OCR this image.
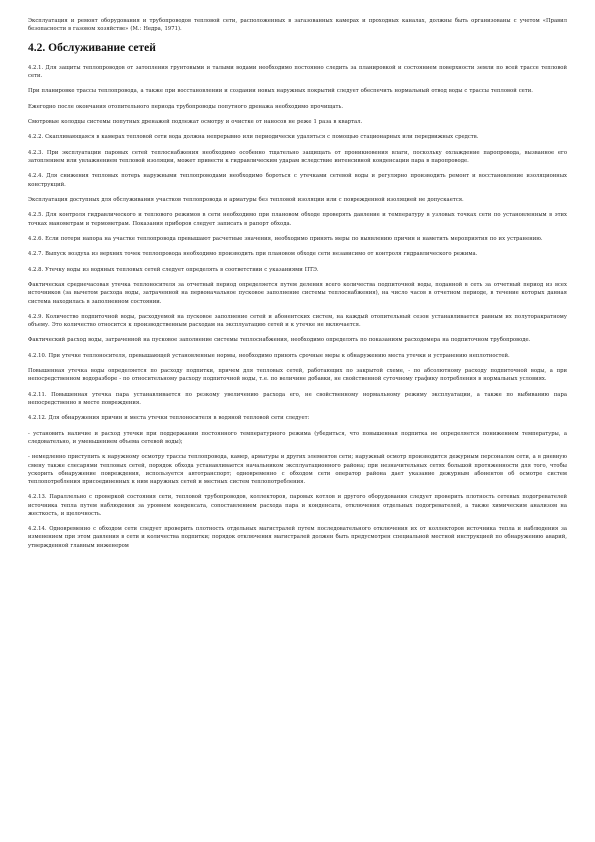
Эксплуатация и ремонт оборудования и трубопроводов тепловой сети, расположенных в загазованных камерах и проходных каналах, должны быть организованы с учетом «Правил безопасности в газовом хозяйстве» (М.: Недра, 1971).

4.2. Обслуживание сетей

4.2.1. Для защиты теплопроводов от затопления грунтовыми и талыми водами необходимо постоянно следить за планировкой и состоянием поверхности земли по всей трассе тепловой сети.

При планировке трассы теплопровода, а также при восстановлении и создании новых наружных покрытий следует обеспечить нормальный отвод воды с трассы тепловой сети.

Ежегодно после окончания отопительного периода трубопроводы попутного дренажа необходимо прочищать.

Смотровые колодцы системы попутных дренажей подлежат осмотру и очистке от наносов не реже 1 раза в квартал.

4.2.2. Скапливающаяся в камерах тепловой сети вода должна непрерывно или периодически удаляться с помощью стационарных или передвижных средств.

4.2.3. При эксплуатации паровых сетей теплоснабжения необходимо особенно тщательно защищать от проникновения влаги, поскольку охлаждение паропровода, вызванное его затоплением или увлажнением тепловой изоляции, может привести к гидравлическим ударам вследствие интенсивной конденсации пара в паропроводе.

4.2.4. Для снижения тепловых потерь наружными теплопроводами необходимо бороться с утечками сетевой воды и регулярно производить ремонт и восстановление изоляционных конструкций.

Эксплуатация доступных для обслуживания участков теплопровода и арматуры без тепловой изоляции или с поврежденной изоляцией не допускается.

4.2.5. Для контроля гидравлического и теплового режимов в сети необходимо при плановом обходе проверять давление и температуру в узловых точках сети по установленным в этих точках манометрам и термометрам. Показания приборов следует записать в рапорт обхода.

4.2.6. Если потери напора на участке теплопровода превышают расчетные значения, необходимо принять меры по выявлению причин и наметить мероприятия по их устранению.

4.2.7. Выпуск воздуха из верхних точек теплопровода необходимо производить при плановом обходе сети независимо от контроля гидравлического режима.

4.2.8. Утечку воды из водяных тепловых сетей следует определять в соответствии с указаниями ПТЭ.

Фактическая среднечасовая утечка теплоносителя за отчетный период определяется путем деления всего количества подпиточной воды, поданной в сеть за отчетный период из всех источников (за вычетом расхода воды, затраченной на первоначальное пусковое заполнение системы теплоснабжения), на число часов в отчетном периоде, в течение которых данная система находилась в заполненном состоянии.

4.2.9. Количество подпиточной воды, расходуемой на пусковое заполнение сетей и абонентских систем, на каждый отопительный сезон устанавливается равным их полуторакратному объему. Это количество относится к производственным расходам на эксплуатацию сетей и к утечке не включается.

Фактический расход воды, затраченной на пусковое заполнение системы теплоснабжения, необходимо определять по показаниям расходомера на подпиточном трубопроводе.

4.2.10. При утечке теплоносителя, превышающей установленные нормы, необходимо принять срочные меры к обнаружению места утечки и устранению неплотностей.

Повышенная утечка воды определяется по расходу подпитки, причем для тепловых сетей, работающих по закрытой схеме, - по абсолютному расходу подпиточной воды, а при непосредственном водоразборе - по относительному расходу подпиточной воды, т.е. по величине добавки, не свойственной суточному графику потребления в нормальных условиях.

4.2.11. Повышенная утечка пара устанавливается по резкому увеличению расхода его, не свойственному нормальному режиму эксплуатации, а также по выбиванию пара непосредственно в месте повреждения.

4.2.12. Для обнаружения причин и места утечки теплоносителя в водяной тепловой сети следует:

- установить наличие и расход утечки при поддержании постоянного температурного режима (убедиться, что повышенная подпитка не определяется понижением температуры, а следовательно, и уменьшением объема сетевой воды);

- немедленно приступить к наружному осмотру трассы теплопровода, камер, арматуры и других элементов сети; наружный осмотр производится дежурным персоналом сети, а в дневную смену также слесарями тепловых сетей, порядок обхода устанавливается начальником эксплуатационного района; при незначительных сетях большой протяженности для того, чтобы ускорить обнаружение повреждения, используется автотранспорт; одновременно с обходом сети оператор района дает указание дежурным абонентов об осмотре систем теплопотребления присоединенных к ним наружных сетей и местных систем теплопотребления.

4.2.13. Параллельно с проверкой состояния сети, тепловой трубопроводов, коллекторов, паровых котлов и другого оборудования следует проверить плотность сетевых подогревателей источника тепла путем наблюдения за уровнем конденсата, сопоставлением расхода пара и конденсата, отключения отдельных подогревателей, а также химическим анализом на жесткость, и щелочность.

4.2.14. Одновременно с обходом сети следует проверить плотность отдельных магистралей путем последовательного отключения их от коллекторов источника тепла и наблюдения за изменением при этом давления в сети и количества подпитки; порядок отключения магистралей должен быть предусмотрен специальной местной инструкцией по обнаружению аварий, утвержденной главным инженером
